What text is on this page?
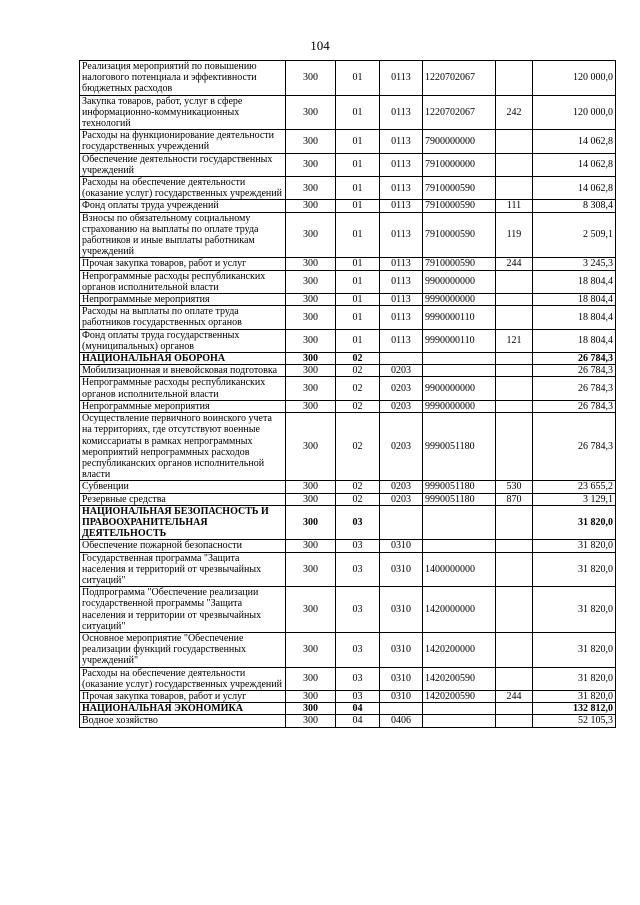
104
Реализация мероприятий по повышению налогового потенциала и эффективности бюджетных расходов	300	01	0113	1220702067		120 000,0
Закупка товаров, работ, услуг в сфере информационно-коммуникационных технологий	300	01	0113	1220702067	242	120 000,0
Расходы на функционирование деятельности государственных учреждений	300	01	0113	7900000000		14 062,8
Обеспечение деятельности государственных учреждений	300	01	0113	7910000000		14 062,8
Расходы на обеспечение деятельности (оказание услуг) государственных учреждений	300	01	0113	7910000590		14 062,8
Фонд оплаты труда учреждений	300	01	0113	7910000590	111	8 308,4
Взносы по обязательному социальному страхованию на выплаты по оплате труда работников и иные выплаты работникам учреждений	300	01	0113	7910000590	119	2 509,1
Прочая закупка товаров, работ и услуг	300	01	0113	7910000590	244	3 245,3
Непрограммные расходы республиканских органов исполнительной власти	300	01	0113	9900000000		18 804,4
Непрограммные мероприятия	300	01	0113	9990000000		18 804,4
Расходы на выплаты по оплате труда работников государственных органов	300	01	0113	9990000110		18 804,4
Фонд оплаты труда государственных (муниципальных) органов	300	01	0113	9990000110	121	18 804,4
НАЦИОНАЛЬНАЯ ОБОРОНА	300	02				26 784,3
Мобилизационная и вневойсковая подготовка	300	02	0203			26 784,3
Непрограммные расходы республиканских органов исполнительной власти	300	02	0203	9900000000		26 784,3
Непрограммные мероприятия	300	02	0203	9990000000		26 784,3
Осуществление первичного воинского учета на территориях, где отсутствуют военные комиссариаты в рамках непрограммных мероприятий непрограммных расходов республиканских органов исполнительной власти	300	02	0203	9990051180		26 784,3
Субвенции	300	02	0203	9990051180	530	23 655,2
Резервные средства	300	02	0203	9990051180	870	3 129,1
НАЦИОНАЛЬНАЯ БЕЗОПАСНОСТЬ И ПРАВООХРАНИТЕЛЬНАЯ ДЕЯТЕЛЬНОСТЬ	300	03				31 820,0
Обеспечение пожарной безопасности	300	03	0310			31 820,0
Государственная программа "Защита населения и территорий от чрезвычайных ситуаций"	300	03	0310	1400000000		31 820,0
Подпрограмма "Обеспечение реализации государственной программы "Защита населения и территории от чрезвычайных ситуаций"	300	03	0310	1420000000		31 820,0
Основное мероприятие "Обеспечение реализации функций государственных учреждений"	300	03	0310	1420200000		31 820,0
Расходы на обеспечение деятельности (оказание услуг) государственных учреждений	300	03	0310	1420200590		31 820,0
Прочая закупка товаров, работ и услуг	300	03	0310	1420200590	244	31 820,0
НАЦИОНАЛЬНАЯ ЭКОНОМИКА	300	04				132 812,0
Водное хозяйство	300	04	0406			52 105,3
